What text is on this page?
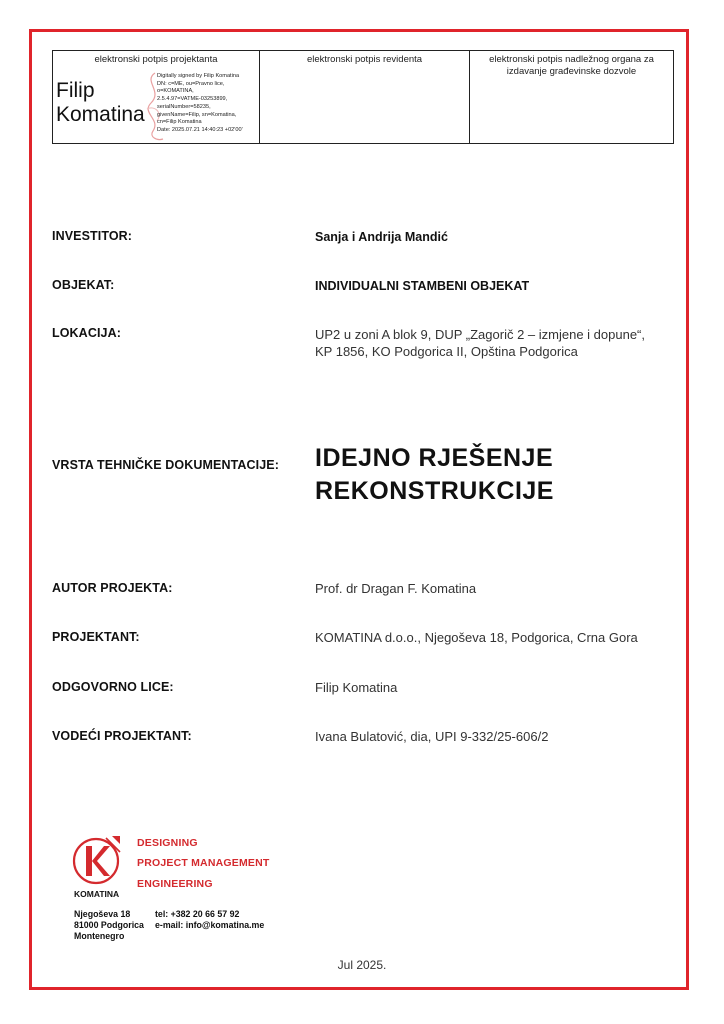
elektronski potpis projektanta
Filip
Komatina
Digitally signed by Filip Komatina
DN: c=ME, ou=Pravno lice,
o=KOMATINA,
2.5.4.97=VATME-03253899,
serialNumber=58235,
givenName=Filip, sn=Komatina,
cn=Filip Komatina
Date: 2025.07.21 14:40:23 +02'00'
elektronski potpis revidenta	elektronski potpis nadležnog organa za izdavanje građevinske dozvole
INVESTITOR:	Sanja i Andrija Mandić
OBJEKAT:	INDIVIDUALNI STAMBENI OBJEKAT
LOKACIJA:	UP2 u zoni A blok 9, DUP „Zagorič 2 – izmjene i dopune“,
KP 1856, KO Podgorica II, Opština Podgorica
VRSTA TEHNIČKE DOKUMENTACIJE: IDEJNO RJEŠENJE
REKONSTRUKCIJE
AUTOR PROJEKTA:	Prof. dr Dragan F. Komatina
PROJEKTANT:	KOMATINA d.o.o., Njegoševa 18, Podgorica, Crna Gora
ODGOVORNO LICE:	Filip Komatina
VODEĆI PROJEKTANT:	Ivana Bulatović, dia, UPI 9-332/25-606/2
KOMATINA
DESIGNING
PROJECT MANAGEMENT
ENGINEERING
Njegoševa 18
81000 Podgorica
Montenegro
tel: +382 20 66 57 92
e-mail: info@komatina.me
Jul 2025.
